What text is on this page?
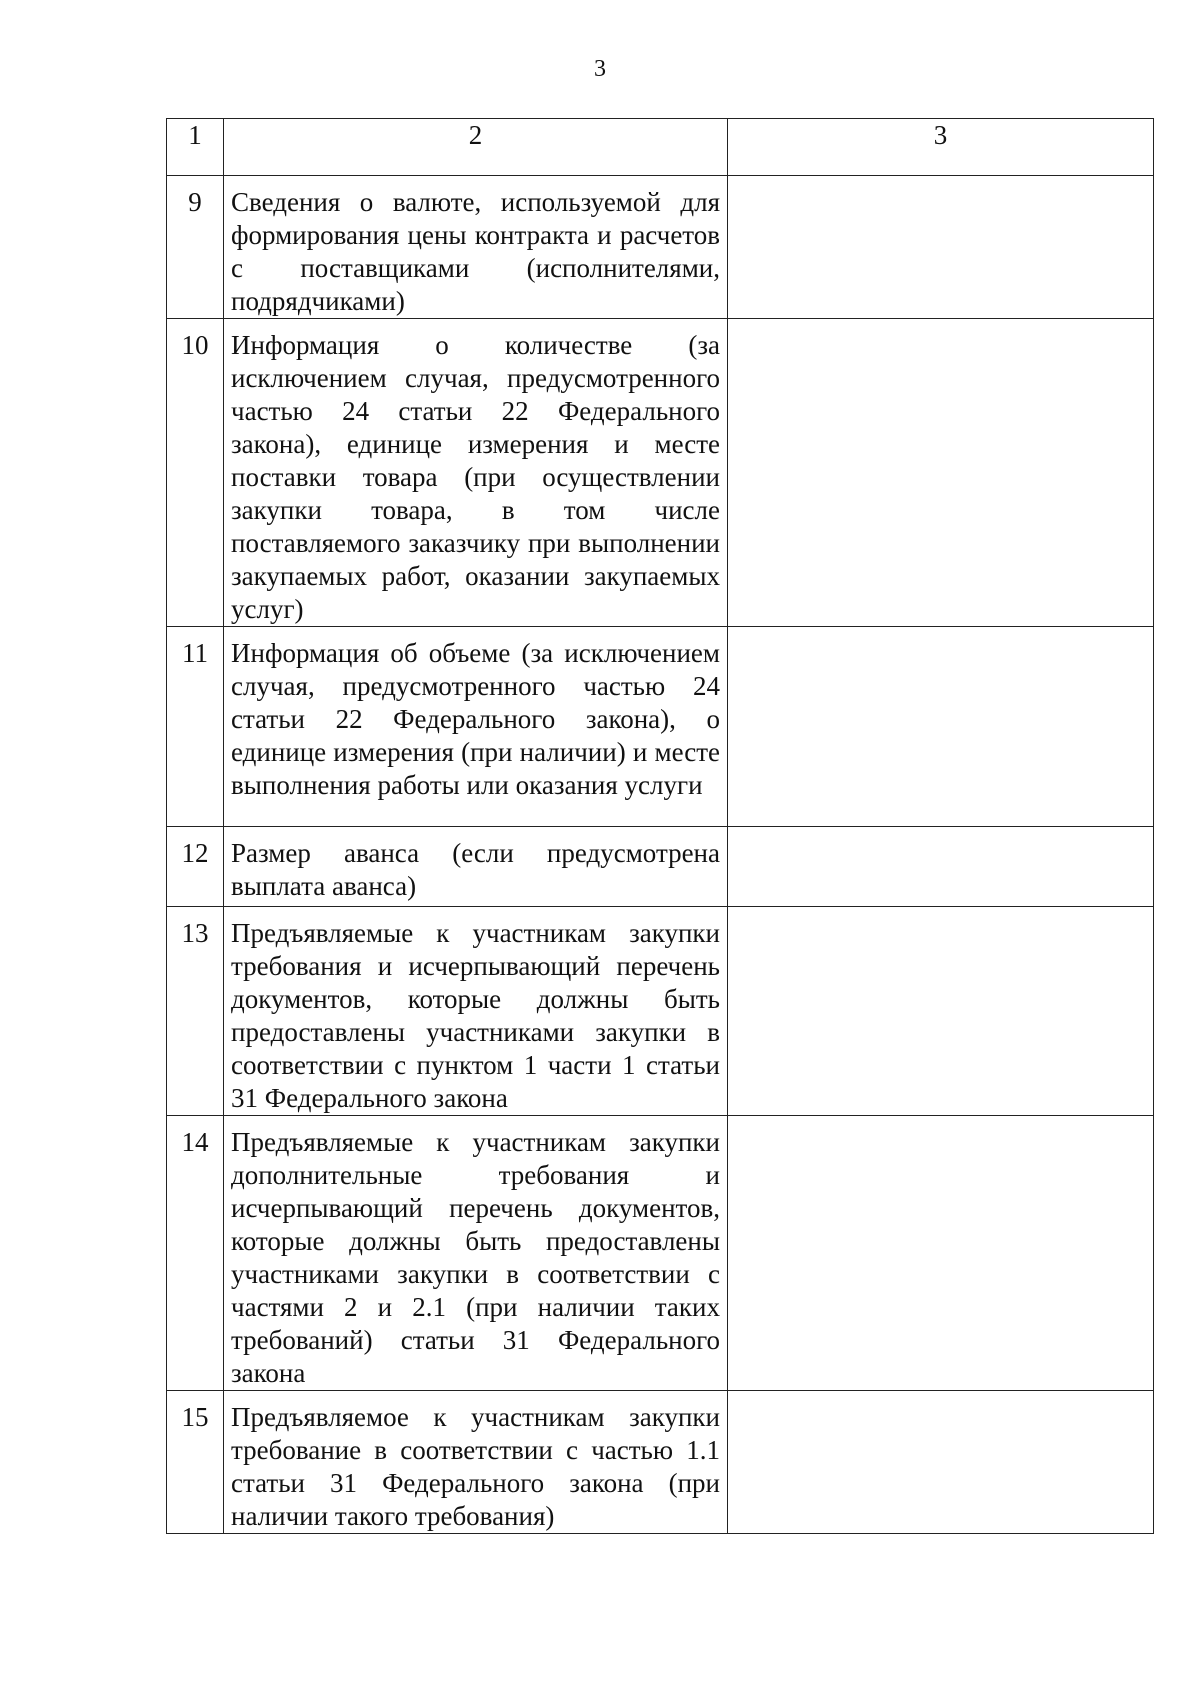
3
1	2	3
9	Сведения о валюте, используемой для формирования цены контракта и расчетов с поставщиками (исполнителями, подрядчиками)	
10	Информация о количестве (за исключением случая, предусмотренного частью 24 статьи 22 Федерального закона), единице измерения и месте поставки товара (при осуществлении закупки товара, в том числе поставляемого заказчику при выполнении закупаемых работ, оказании закупаемых услуг)	
11	Информация об объеме (за исключением случая, предусмотренного частью 24 статьи 22 Федерального закона), о единице измерения (при наличии) и месте выполнения работы или оказания услуги	
12	Размер аванса (если предусмотрена выплата аванса)	
13	Предъявляемые к участникам закупки требования и исчерпывающий перечень документов, которые должны быть предоставлены участниками закупки в соответствии с пунктом 1 части 1 статьи 31 Федерального закона	
14	Предъявляемые к участникам закупки дополнительные требования и исчерпывающий перечень документов, которые должны быть предоставлены участниками закупки в соответствии с частями 2 и 2.1 (при наличии таких требований) статьи 31 Федерального закона	
15	Предъявляемое к участникам закупки требование в соответствии с частью 1.1 статьи 31 Федерального закона (при наличии такого требования)	
